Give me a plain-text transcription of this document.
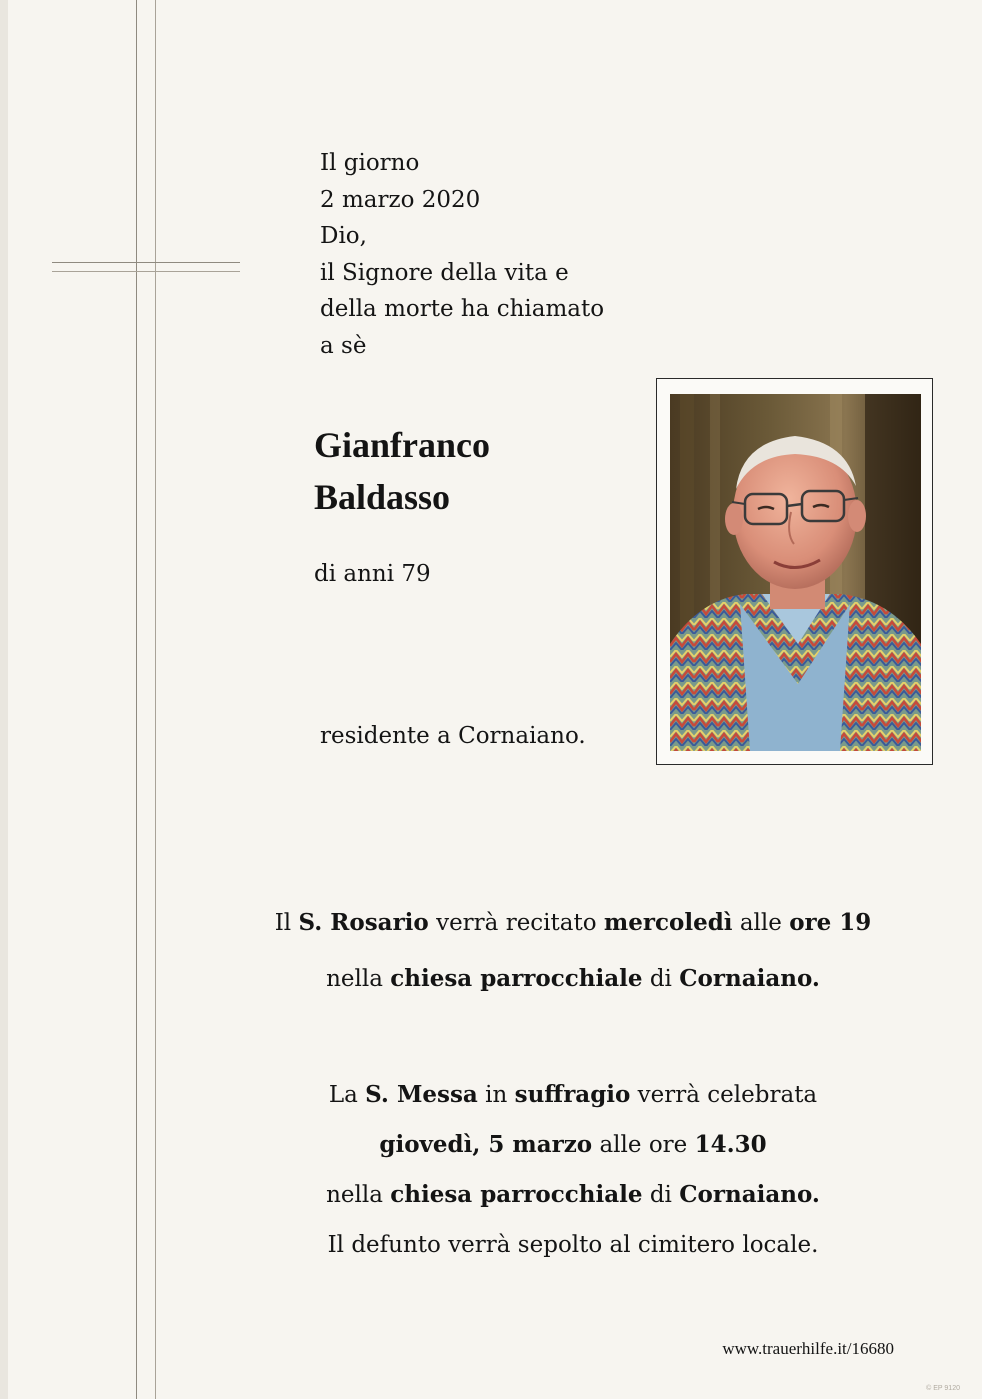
Il giorno
2 marzo 2020
Dio,
il Signore della vita e
della morte ha chiamato
a sè
Gianfranco
Baldasso
di anni 79
residente a Cornaiano.
Il S. Rosario verrà recitato mercoledì alle ore 19
nella chiesa parrocchiale di Cornaiano.
La S. Messa in suffragio verrà celebrata
giovedì, 5 marzo alle ore 14.30
nella chiesa parrocchiale di Cornaiano.
Il defunto verrà sepolto al cimitero locale.
www.trauerhilfe.it/16680
© EP 9120
